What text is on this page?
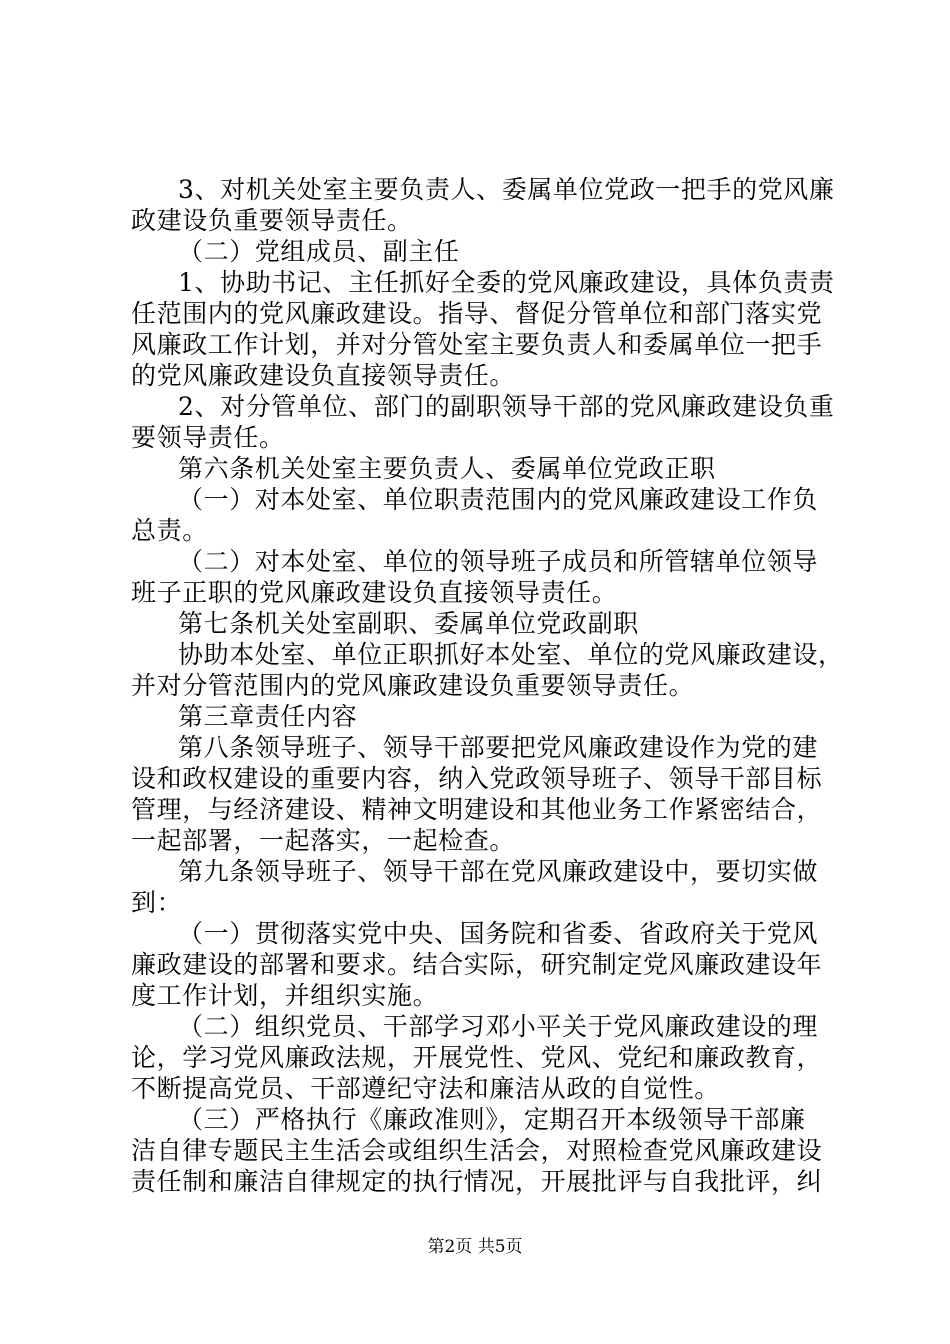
3、对机关处室主要负责人、委属单位党政一把手的党风廉
政建设负重要领导责任。
（二）党组成员、副主任
1、协助书记、主任抓好全委的党风廉政建设，具体负责责
任范围内的党风廉政建设。指导、督促分管单位和部门落实党
风廉政工作计划，并对分管处室主要负责人和委属单位一把手
的党风廉政建设负直接领导责任。
2、对分管单位、部门的副职领导干部的党风廉政建设负重
要领导责任。
第六条机关处室主要负责人、委属单位党政正职
（一）对本处室、单位职责范围内的党风廉政建设工作负
总责。
（二）对本处室、单位的领导班子成员和所管辖单位领导
班子正职的党风廉政建设负直接领导责任。
第七条机关处室副职、委属单位党政副职
协助本处室、单位正职抓好本处室、单位的党风廉政建设，
并对分管范围内的党风廉政建设负重要领导责任。
第三章责任内容
第八条领导班子、领导干部要把党风廉政建设作为党的建
设和政权建设的重要内容，纳入党政领导班子、领导干部目标
管理，与经济建设、精神文明建设和其他业务工作紧密结合，
一起部署，一起落实，一起检查。
第九条领导班子、领导干部在党风廉政建设中，要切实做
到：
（一）贯彻落实党中央、国务院和省委、省政府关于党风
廉政建设的部署和要求。结合实际，研究制定党风廉政建设年
度工作计划，并组织实施。
（二）组织党员、干部学习邓小平关于党风廉政建设的理
论，学习党风廉政法规，开展党性、党风、党纪和廉政教育，
不断提高党员、干部遵纪守法和廉洁从政的自觉性。
（三）严格执行《廉政准则》，定期召开本级领导干部廉
洁自律专题民主生活会或组织生活会，对照检查党风廉政建设
责任制和廉洁自律规定的执行情况，开展批评与自我批评，纠
第2页 共5页
